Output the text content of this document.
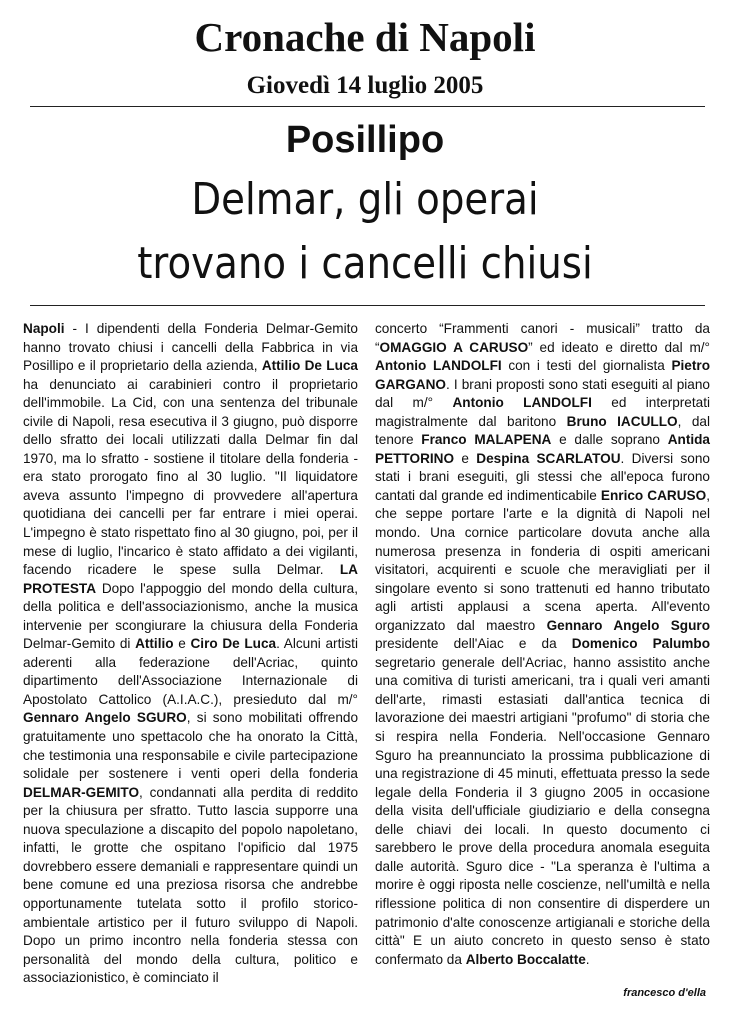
Cronache di Napoli
Giovedì 14 luglio 2005
Posillipo
Delmar, gli operai
trovano i cancelli chiusi

Napoli - I dipendenti della Fonderia Delmar-Gemito hanno trovato chiusi i cancelli della Fabbrica in via Posillipo e il proprietario della azienda, Attilio De Luca ha denunciato ai carabinieri contro il proprietario dell'immobile. La Cid, con una sentenza del tribunale civile di Napoli, resa esecutiva il 3 giugno, può disporre dello sfratto dei locali utilizzati dalla Delmar fin dal 1970, ma lo sfratto - sostiene il titolare della fonderia - era stato prorogato fino al 30 luglio. "Il liquidatore aveva assunto l'impegno di provvedere all'apertura quotidiana dei cancelli per far entrare i miei operai. L'impegno è stato rispettato fino al 30 giugno, poi, per il mese di luglio, l'incarico è stato affidato a dei vigilanti, facendo ricadere le spese sulla Delmar. LA PROTESTA Dopo l'appoggio del mondo della cultura, della politica e dell'associazionismo, anche la musica intervenie per scongiurare la chiusura della Fonderia Delmar-Gemito di Attilio e Ciro De Luca. Alcuni artisti aderenti alla federazione dell'Acriac, quinto dipartimento dell'Associazione Internazionale di Apostolato Cattolico (A.I.A.C.), presieduto dal m/° Gennaro Angelo SGURO, si sono mobilitati offrendo gratuitamente uno spettacolo che ha onorato la Città, che testimonia una responsabile e civile partecipazione solidale per sostenere i venti operi della fonderia DELMAR-GEMITO, condannati alla perdita di reddito per la chiusura per sfratto. Tutto lascia supporre una nuova speculazione a discapito del popolo napoletano, infatti, le grotte che ospitano l'opificio dal 1975 dovrebbero essere demaniali e rappresentare quindi un bene comune ed una preziosa risorsa che andrebbe opportunamente tutelata sotto il profilo storico-ambientale artistico per il futuro sviluppo di Napoli. Dopo un primo incontro nella fonderia stessa con personalità del mondo della cultura, politico e associazionistico, è cominciato il

concerto “Frammenti canori - musicali” tratto da “OMAGGIO A CARUSO” ed ideato e diretto dal m/° Antonio LANDOLFI con i testi del giornalista Pietro GARGANO. I brani proposti sono stati eseguiti al piano dal m/° Antonio LANDOLFI ed interpretati magistralmente dal baritono Bruno IACULLO, dal tenore Franco MALAPENA e dalle soprano Antida PETTORINO e Despina SCARLATOU. Diversi sono stati i brani eseguiti, gli stessi che all'epoca furono cantati dal grande ed indimenticabile Enrico CARUSO, che seppe portare l'arte e la dignità di Napoli nel mondo. Una cornice particolare dovuta anche alla numerosa presenza in fonderia di ospiti americani visitatori, acquirenti e scuole che meravigliati per il singolare evento si sono trattenuti ed hanno tributato agli artisti applausi a scena aperta. All'evento organizzato dal maestro Gennaro Angelo Sguro presidente dell'Aiac e da Domenico Palumbo segretario generale dell'Acriac, hanno assistito anche una comitiva di turisti americani, tra i quali veri amanti dell'arte, rimasti estasiati dall'antica tecnica di lavorazione dei maestri artigiani "profumo" di storia che si respira nella Fonderia. Nell'occasione Gennaro Sguro ha preannunciato la prossima pubblicazione di una registrazione di 45 minuti, effettuata presso la sede legale della Fonderia il 3 giugno 2005 in occasione della visita dell'ufficiale giudiziario e della consegna delle chiavi dei locali. In questo documento ci sarebbero le prove della procedura anomala eseguita dalle autorità. Sguro dice - "La speranza è l'ultima a morire è oggi riposta nelle coscienze, nell'umiltà e nella riflessione politica di non consentire di disperdere un patrimonio d'alte conoscenze artigianali e storiche della città" E un aiuto concreto in questo senso è stato confermato da Alberto Boccalatte.

francesco d'ella
